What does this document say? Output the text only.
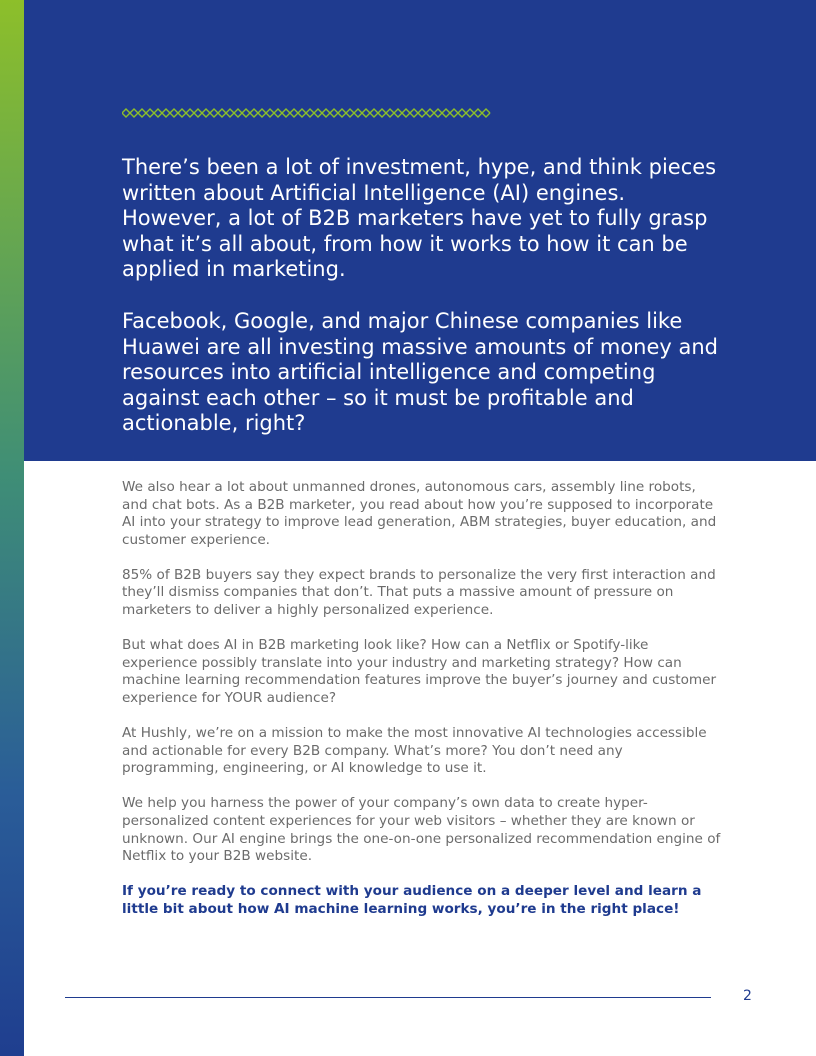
There’s been a lot of investment, hype, and think pieces written about Artificial Intelligence (AI) engines. However, a lot of B2B marketers have yet to fully grasp what it’s all about, from how it works to how it can be applied in marketing.

Facebook, Google, and major Chinese companies like Huawei are all investing massive amounts of money and resources into artificial intelligence and competing against each other – so it must be profitable and actionable, right?

We also hear a lot about unmanned drones, autonomous cars, assembly line robots, and chat bots. As a B2B marketer, you read about how you’re supposed to incorporate AI into your strategy to improve lead generation, ABM strategies, buyer education, and customer experience.

85% of B2B buyers say they expect brands to personalize the very first interaction and they’ll dismiss companies that don’t. That puts a massive amount of pressure on marketers to deliver a highly personalized experience.

But what does AI in B2B marketing look like? How can a Netflix or Spotify-like experience possibly translate into your industry and marketing strategy? How can machine learning recommendation features improve the buyer’s journey and customer experience for YOUR audience?

At Hushly, we’re on a mission to make the most innovative AI technologies accessible and actionable for every B2B company. What’s more? You don’t need any programming, engineering, or AI knowledge to use it.

We help you harness the power of your company’s own data to create hyper-personalized content experiences for your web visitors – whether they are known or unknown. Our AI engine brings the one-on-one personalized recommendation engine of Netflix to your B2B website.

If you’re ready to connect with your audience on a deeper level and learn a little bit about how AI machine learning works, you’re in the right place!

2
